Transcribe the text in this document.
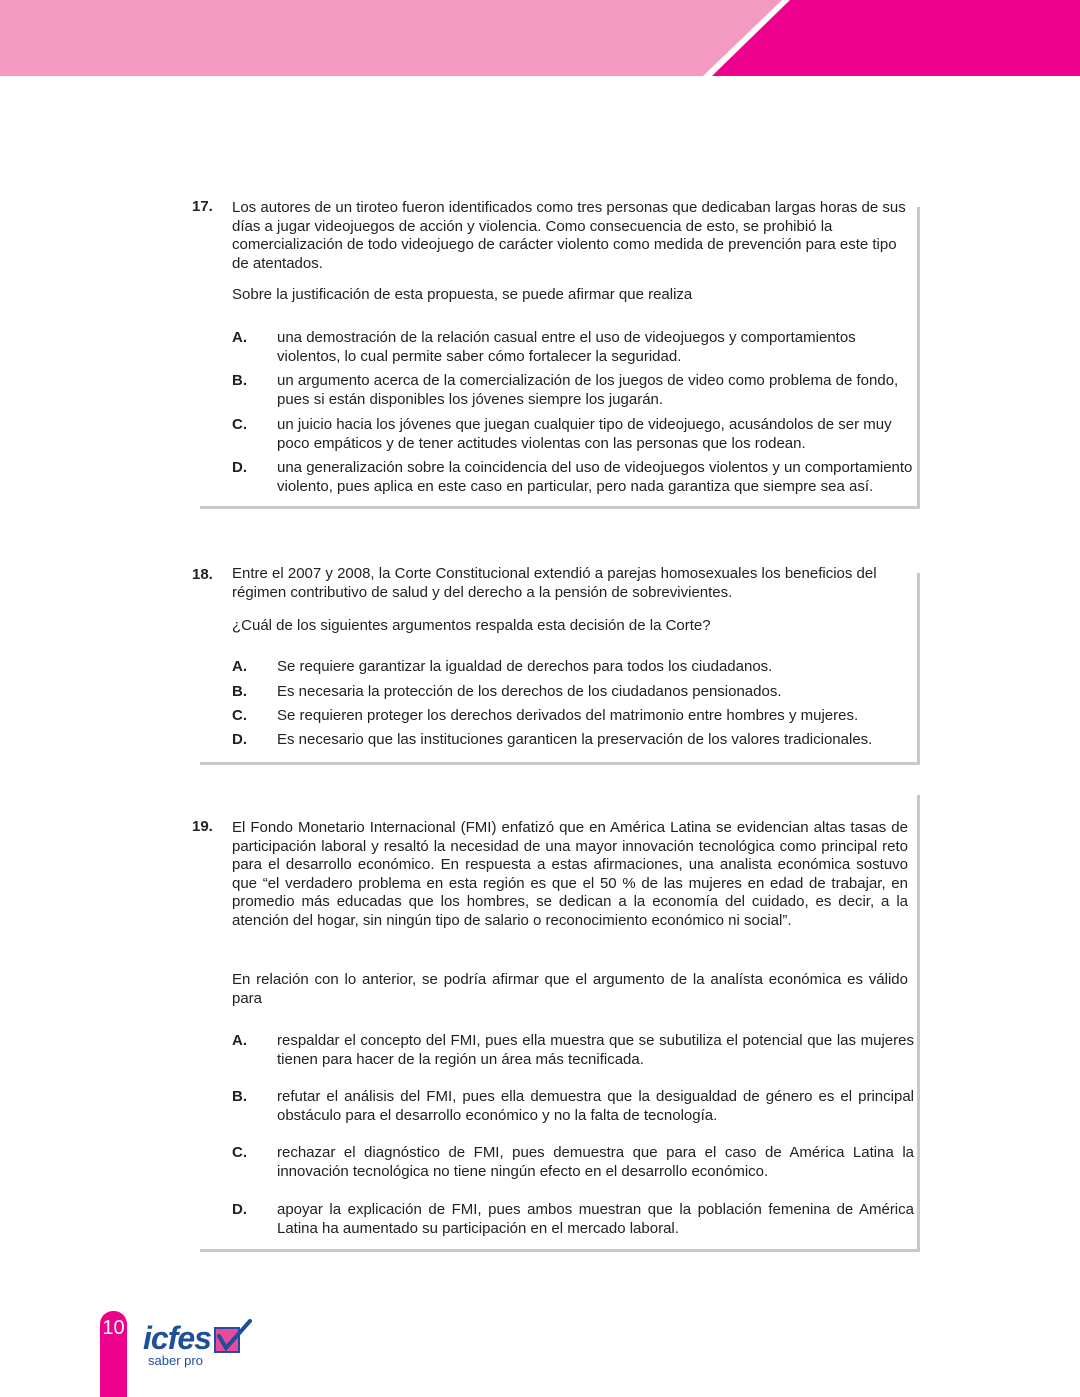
17. Los autores de un tiroteo fueron identificados como tres personas que dedicaban largas horas de sus días a jugar videojuegos de acción y violencia. Como consecuencia de esto, se prohibió la comercialización de todo videojuego de carácter violento como medida de prevención para este tipo de atentados.

Sobre la justificación de esta propuesta, se puede afirmar que realiza

A. una demostración de la relación casual entre el uso de videojuegos y comportamientos violentos, lo cual permite saber cómo fortalecer la seguridad.
B. un argumento acerca de la comercialización de los juegos de video como problema de fondo, pues si están disponibles los jóvenes siempre los jugarán.
C. un juicio hacia los jóvenes que juegan cualquier tipo de videojuego, acusándolos de ser muy poco empáticos y de tener actitudes violentas con las personas que los rodean.
D. una generalización sobre la coincidencia del uso de videojuegos violentos y un comportamiento violento, pues aplica en este caso en particular, pero nada garantiza que siempre sea así.
18. Entre el 2007 y 2008, la Corte Constitucional extendió a parejas homosexuales los beneficios del régimen contributivo de salud y del derecho a la pensión de sobrevivientes.

¿Cuál de los siguientes argumentos respalda esta decisión de la Corte?

A. Se requiere garantizar la igualdad de derechos para todos los ciudadanos.
B. Es necesaria la protección de los derechos de los ciudadanos pensionados.
C. Se requieren proteger los derechos derivados del matrimonio entre hombres y mujeres.
D. Es necesario que las instituciones garanticen la preservación de los valores tradicionales.
19. El Fondo Monetario Internacional (FMI) enfatizó que en América Latina se evidencian altas tasas de participación laboral y resaltó la necesidad de una mayor innovación tecnológica como principal reto para el desarrollo económico. En respuesta a estas afirmaciones, una analista económica sostuvo que “el verdadero problema en esta región es que el 50 % de las mujeres en edad de trabajar, en promedio más educadas que los hombres, se dedican a la economía del cuidado, es decir, a la atención del hogar, sin ningún tipo de salario o reconocimiento económico ni social”.

En relación con lo anterior, se podría afirmar que el argumento de la analísta económica es válido para

A. respaldar el concepto del FMI, pues ella muestra que se subutiliza el potencial que las mujeres tienen para hacer de la región un área más tecnificada.
B. refutar el análisis del FMI, pues ella demuestra que la desigualdad de género es el principal obstáculo para el desarrollo económico y no la falta de tecnología.
C. rechazar el diagnóstico de FMI, pues demuestra que para el caso de América Latina la innovación tecnológica no tiene ningún efecto en el desarrollo económico.
D. apoyar la explicación de FMI, pues ambos muestran que la población femenina de América Latina ha aumentado su participación en el mercado laboral.
10 icfes
saber pro
